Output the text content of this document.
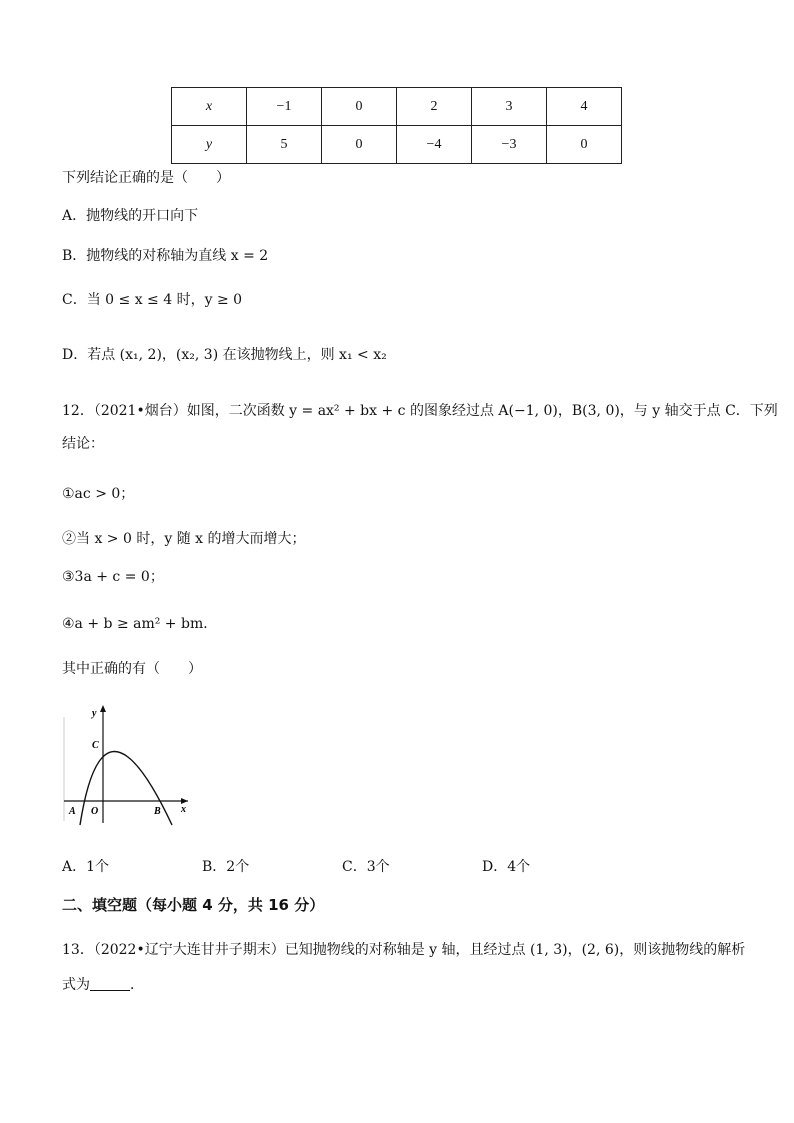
x	−1	0	2	3	4
y	5	0	−4	−3	0
下列结论正确的是（　　）
A．抛物线的开口向下
B．抛物线的对称轴为直线 x = 2
C．当 0 ≤ x ≤ 4 时，y ≥ 0
D．若点 (x₁, 2)，(x₂, 3) 在该抛物线上，则 x₁ < x₂
12．（2021•烟台）如图，二次函数 y = ax² + bx + c 的图象经过点 A(−1, 0)，B(3, 0)，与 y 轴交于点 C．下列
结论：
①ac > 0；
②当 x > 0 时，y 随 x 的增大而增大；
③3a + c = 0；
④a + b ≥ am² + bm．
其中正确的有（　　）
y
x
C
O
A	B
A．1个	B．2个	C．3个	D．4个
二、填空题（每小题 4 分，共 16 分）
13．（2022•辽宁大连甘井子期末）已知抛物线的对称轴是 y 轴，且经过点 (1, 3)，(2, 6)，则该抛物线的解析
式为	．
